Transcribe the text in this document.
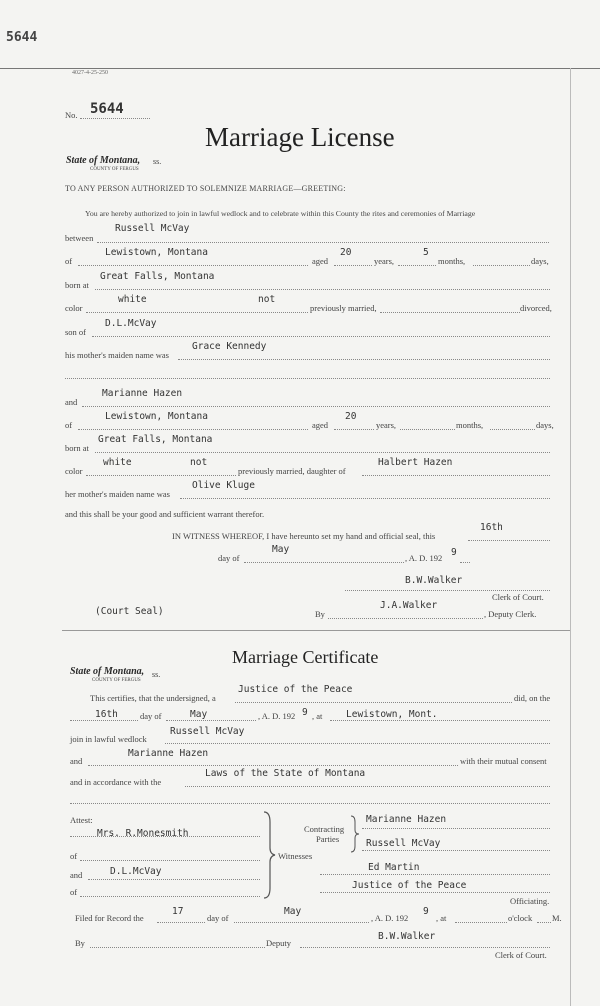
5644
4027-4-25-250
No. 5644
Marriage License
State of Montana,
COUNTY OF FERGUS
ss.
TO ANY PERSON AUTHORIZED TO SOLEMNIZE MARRIAGE—GREETING:
You are hereby authorized to join in lawful wedlock and to celebrate within this County the rites and ceremonies of Marriage
between
Russell McVay
of
Lewistown, Montana
aged
20
years,
5
months,	days,
born at
Great Falls, Montana
color
white	not
previously married,	divorced,
son of
D.L.McVay
his mother's maiden name was
Grace Kennedy
and
Marianne Hazen
of
Lewistown, Montana
aged
20
years,	months,	days,
born at
Great Falls, Montana
color
white	not
previously married, daughter of
Halbert Hazen
her mother's maiden name was
Olive Kluge
and this shall be your good and sufficient warrant therefor.
IN WITNESS WHEREOF, I have hereunto set my hand and official seal, this
16th
day of
May
, A. D. 192 9
B.W.Walker
Clerk of Court.
(Court Seal)	By
J.A.Walker
, Deputy Clerk.
Marriage Certificate
State of Montana,
COUNTY OF FERGUS
ss.
This certifies, that the undersigned, a
Justice of the Peace
did, on the
16th	day of	May	, A. D. 192 9 , at Lewistown, Mont.
join in lawful wedlock
Russell McVay
and
Marianne Hazen
with their mutual consent
and in accordance with the
Laws of the State of Montana
Attest:
Mrs. R.Monesmith
of
and	D.L.McVay
of
Witnesses
Contracting
Parties
Marianne Hazen
Russell McVay
Ed Martin
Justice of the Peace
Officiating.
Filed for Record the
17
day of
May
, A. D. 192
9
, at	o'clock M.
By	Deputy
B.W.Walker
Clerk of Court.
